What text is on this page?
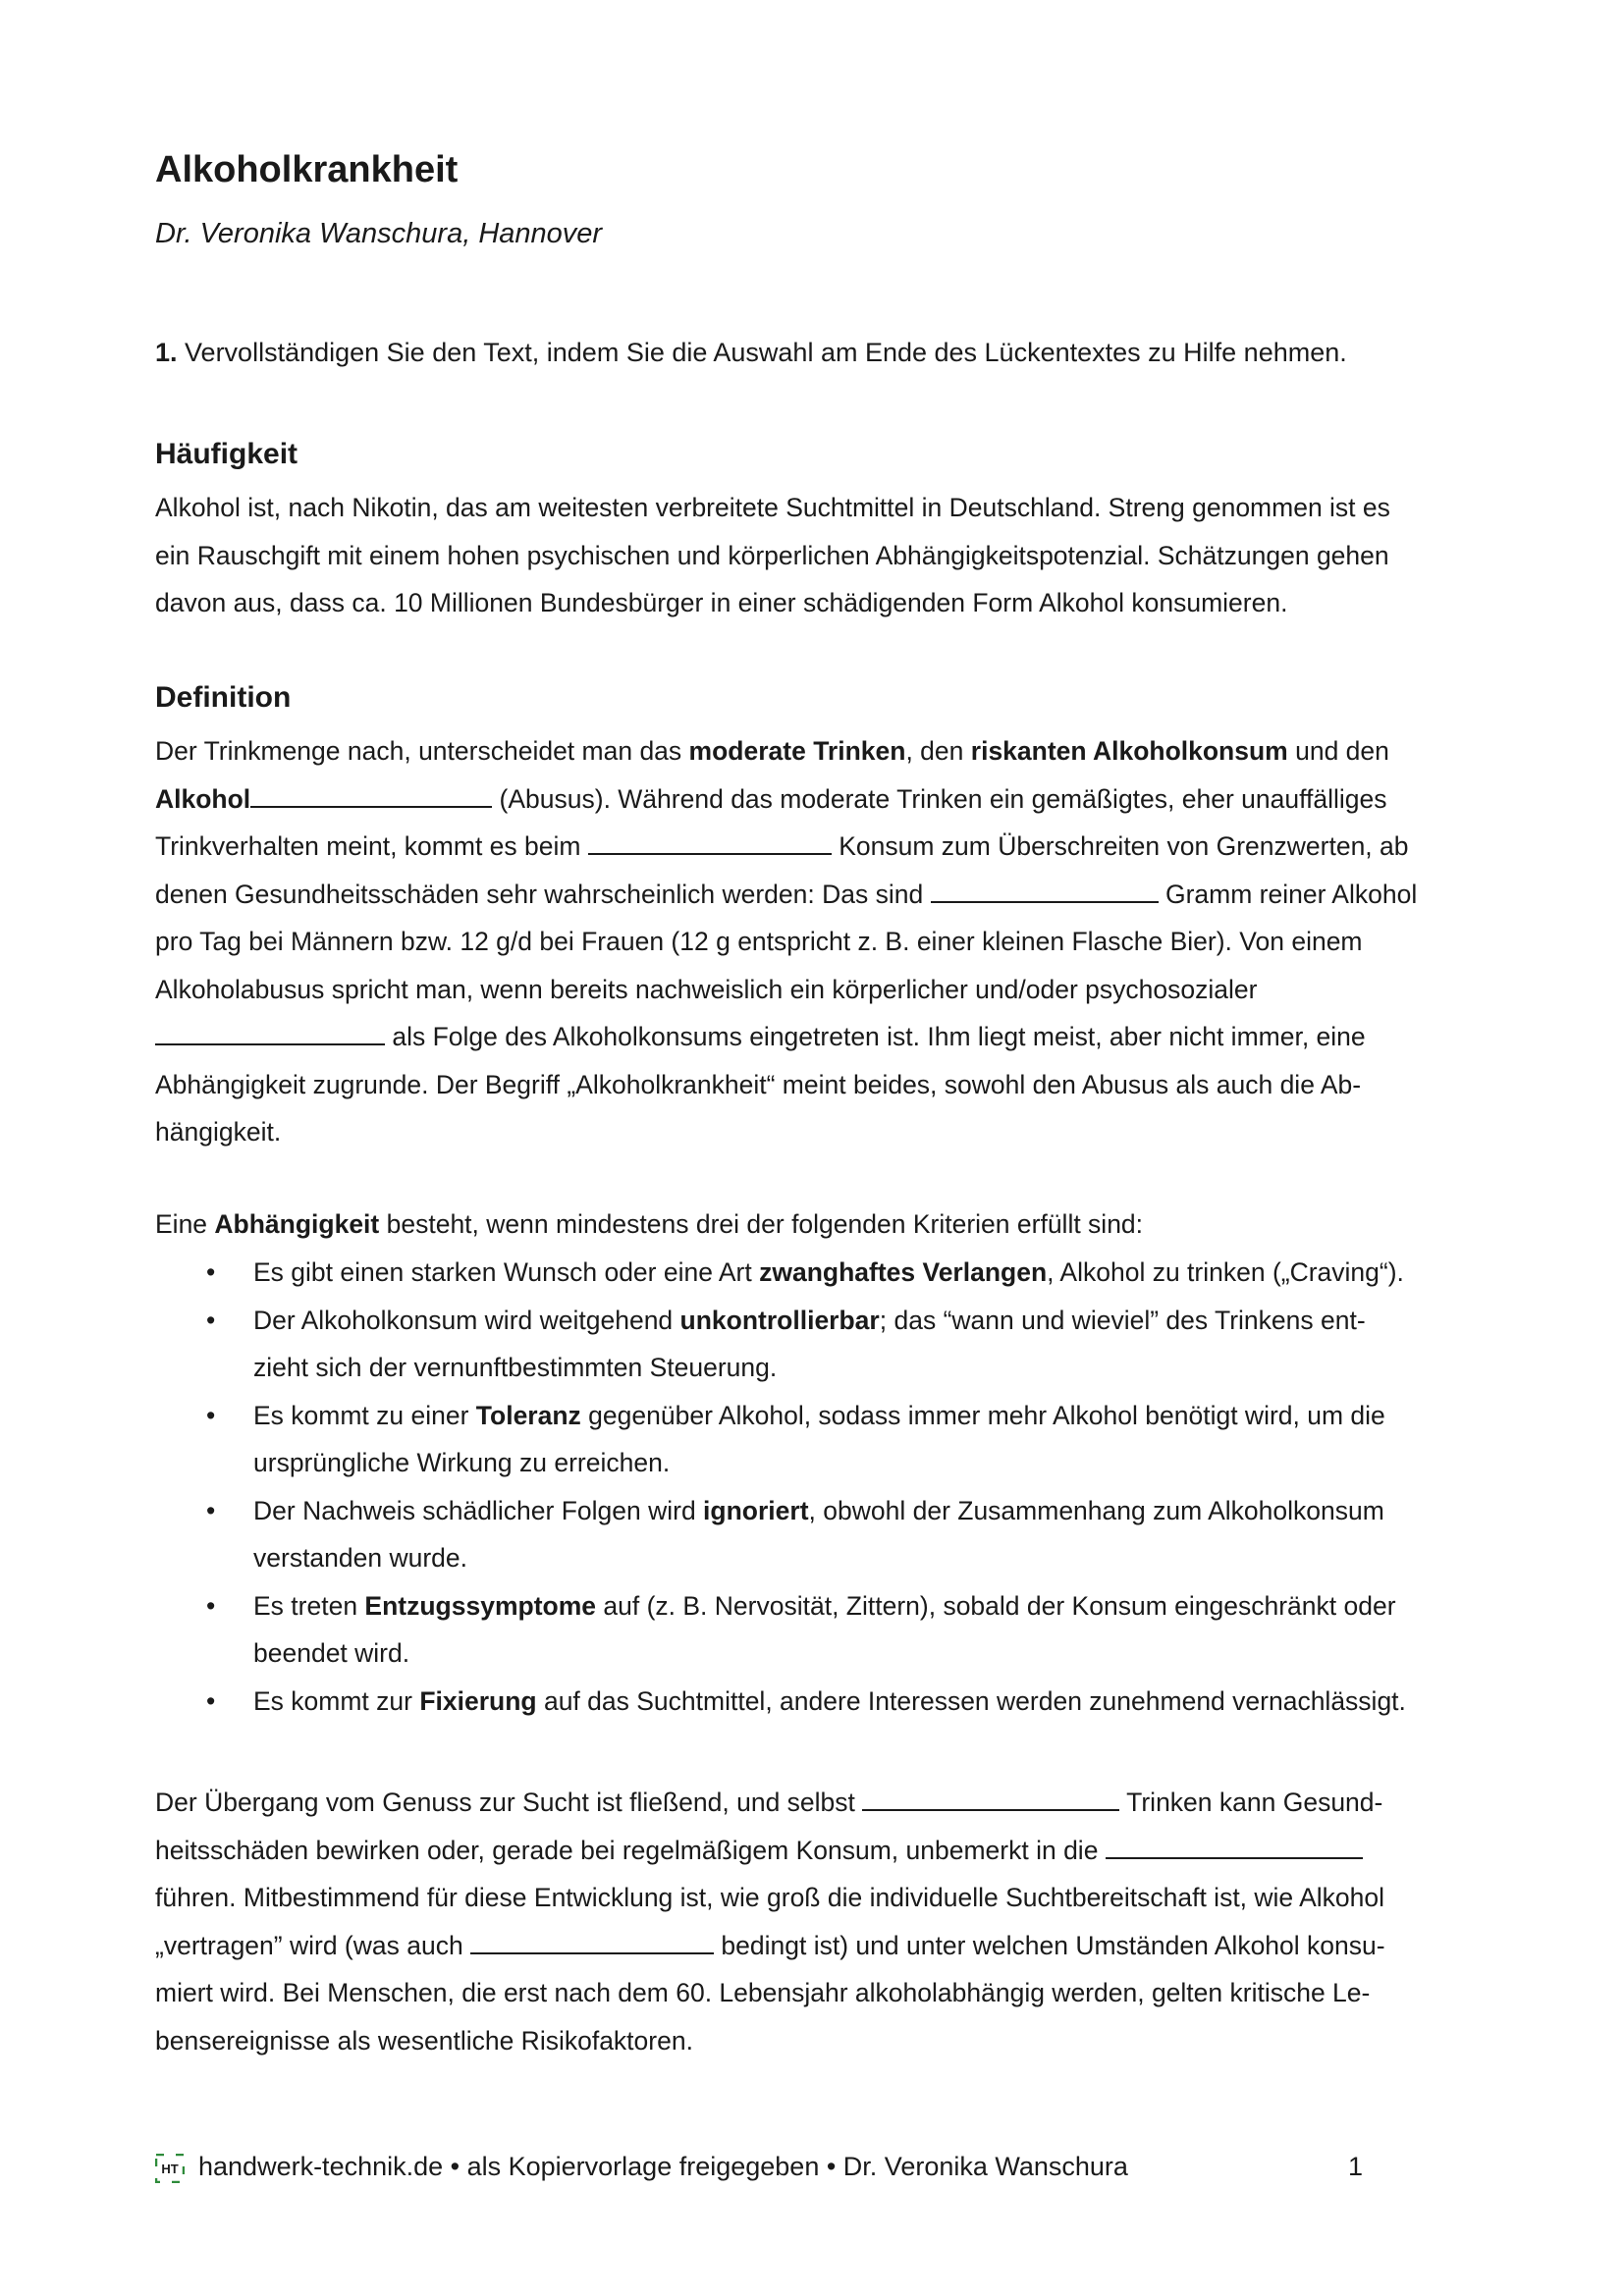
Alkoholkrankheit

Dr. Veronika Wanschura, Hannover

1. Vervollständigen Sie den Text, indem Sie die Auswahl am Ende des Lückentextes zu Hilfe nehmen.

Häufigkeit
Alkohol ist, nach Nikotin, das am weitesten verbreitete Suchtmittel in Deutschland. Streng genommen ist es
ein Rauschgift mit einem hohen psychischen und körperlichen Abhängigkeitspotenzial. Schätzungen gehen
davon aus, dass ca. 10 Millionen Bundesbürger in einer schädigenden Form Alkohol konsumieren.
Definition
Der Trinkmenge nach, unterscheidet man das moderate Trinken, den riskanten Alkoholkonsum und den
Alkohol	(Abusus). Während das moderate Trinken ein gemäßigtes, eher unauffälliges
Trinkverhalten meint, kommt es beim	Konsum zum Überschreiten von Grenzwerten, ab
denen Gesundheitsschäden sehr wahrscheinlich werden: Das sind	Gramm reiner Alkohol
pro Tag bei Männern bzw. 12 g/d bei Frauen (12 g entspricht z. B. einer kleinen Flasche Bier). Von einem
Alkoholabusus spricht man, wenn bereits nachweislich ein körperlicher und/oder psychosozialer
als Folge des Alkoholkonsums eingetreten ist. Ihm liegt meist, aber nicht immer, eine
Abhängigkeit zugrunde. Der Begriff „Alkoholkrankheit“ meint beides, sowohl den Abusus als auch die Ab-
hängigkeit.
Eine Abhängigkeit besteht, wenn mindestens drei der folgenden Kriterien erfüllt sind:
• Es gibt einen starken Wunsch oder eine Art zwanghaftes Verlangen, Alkohol zu trinken („Craving“).
• Der Alkoholkonsum wird weitgehend unkontrollierbar; das “wann und wieviel” des Trinkens ent-
zieht sich der vernunftbestimmten Steuerung.
• Es kommt zu einer Toleranz gegenüber Alkohol, sodass immer mehr Alkohol benötigt wird, um die
ursprüngliche Wirkung zu erreichen.
• Der Nachweis schädlicher Folgen wird ignoriert, obwohl der Zusammenhang zum Alkoholkonsum
verstanden wurde.
• Es treten Entzugssymptome auf (z. B. Nervosität, Zittern), sobald der Konsum eingeschränkt oder
beendet wird.
• Es kommt zur Fixierung auf das Suchtmittel, andere Interessen werden zunehmend vernachlässigt.
Der Übergang vom Genuss zur Sucht ist fließend, und selbst	Trinken kann Gesund-
heitsschäden bewirken oder, gerade bei regelmäßigem Konsum, unbemerkt in die
führen. Mitbestimmend für diese Entwicklung ist, wie groß die individuelle Suchtbereitschaft ist, wie Alkohol
„vertragen” wird (was auch	bedingt ist) und unter welchen Umständen Alkohol konsu-
miert wird. Bei Menschen, die erst nach dem 60. Lebensjahr alkoholabhängig werden, gelten kritische Le-
bensereignisse als wesentliche Risikofaktoren.
HT handwerk-technik.de • als Kopiervorlage freigegeben • Dr. Veronika Wanschura	1
